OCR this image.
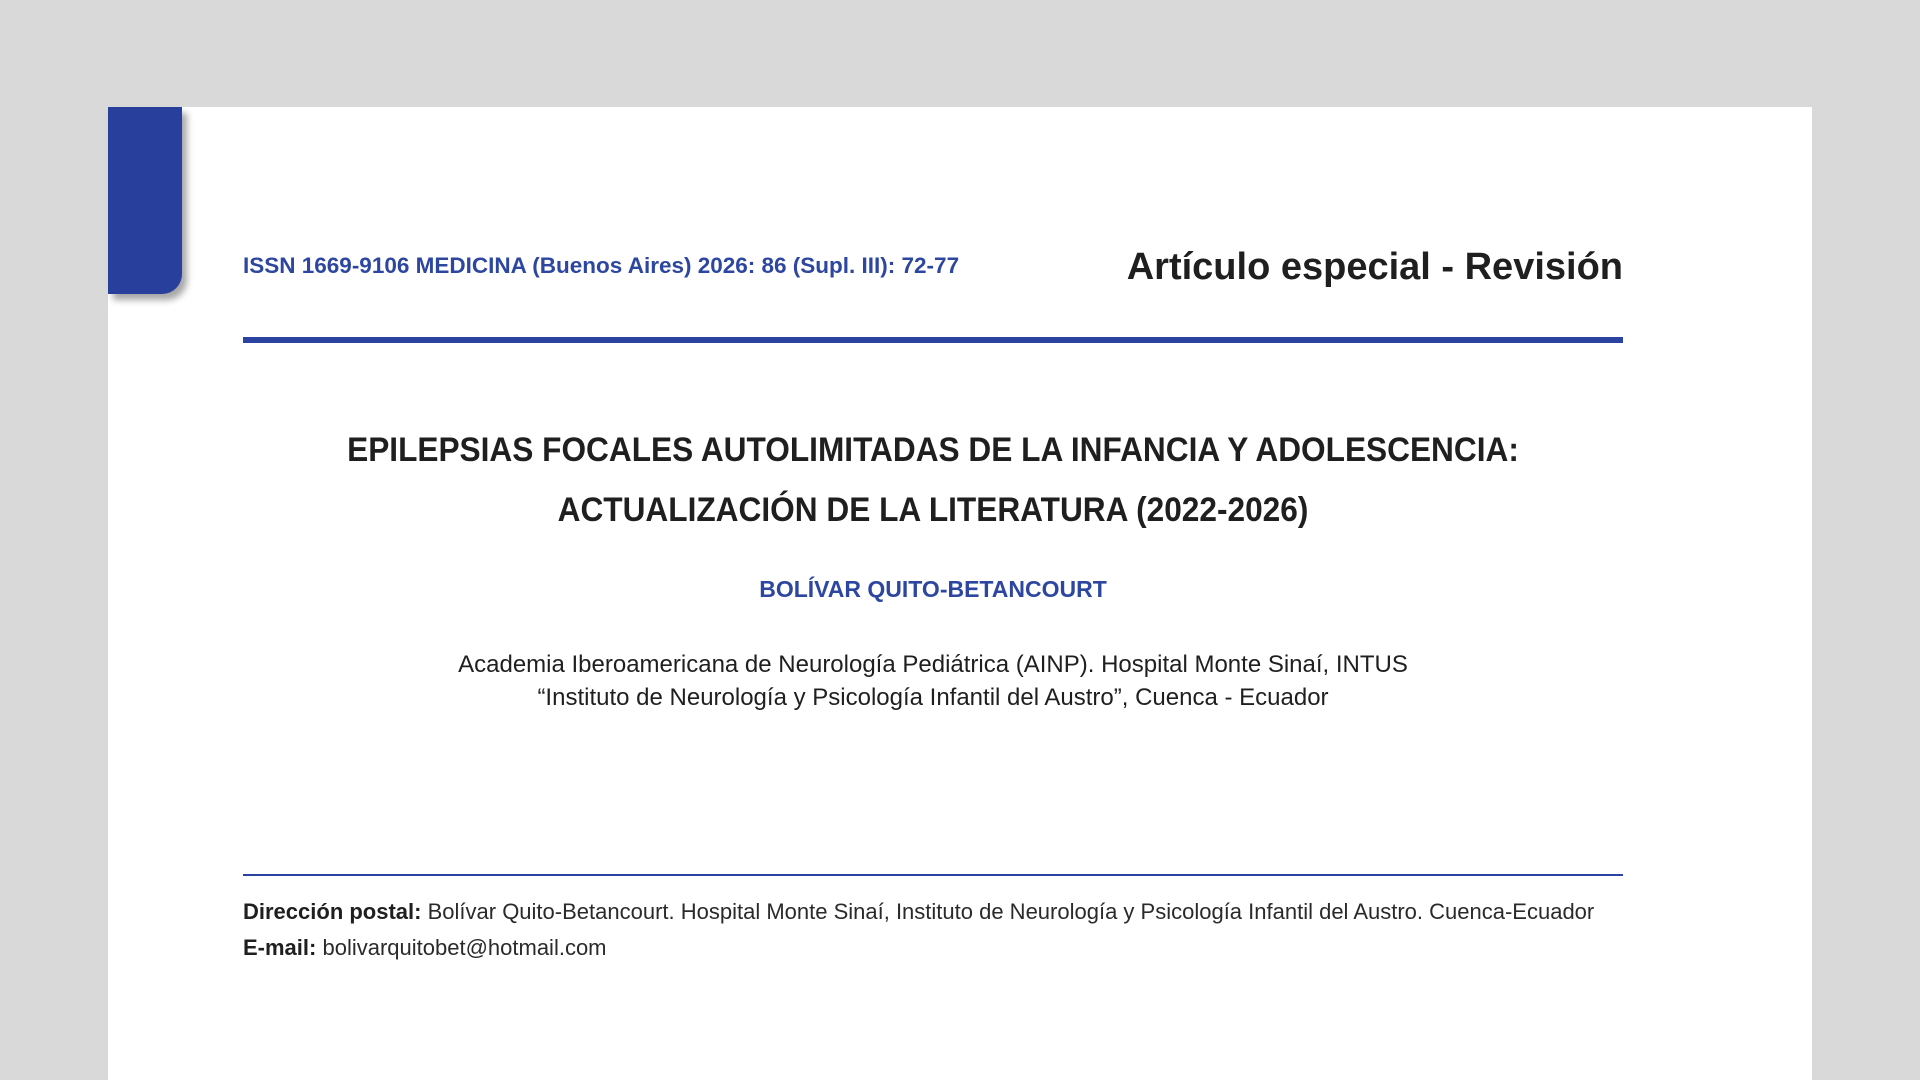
ISSN 1669-9106 MEDICINA (Buenos Aires) 2026: 86 (Supl. III): 72-77	Artículo especial - Revisión
EPILEPSIAS FOCALES AUTOLIMITADAS DE LA INFANCIA Y ADOLESCENCIA:
ACTUALIZACIÓN DE LA LITERATURA (2022-2026)
BOLÍVAR QUITO-BETANCOURT
Academia Iberoamericana de Neurología Pediátrica (AINP). Hospital Monte Sinaí, INTUS
“Instituto de Neurología y Psicología Infantil del Austro”, Cuenca - Ecuador
Dirección postal: Bolívar Quito-Betancourt. Hospital Monte Sinaí, Instituto de Neurología y Psicología Infantil del Austro. Cuenca-Ecuador
E-mail: bolivarquitobet@hotmail.com
